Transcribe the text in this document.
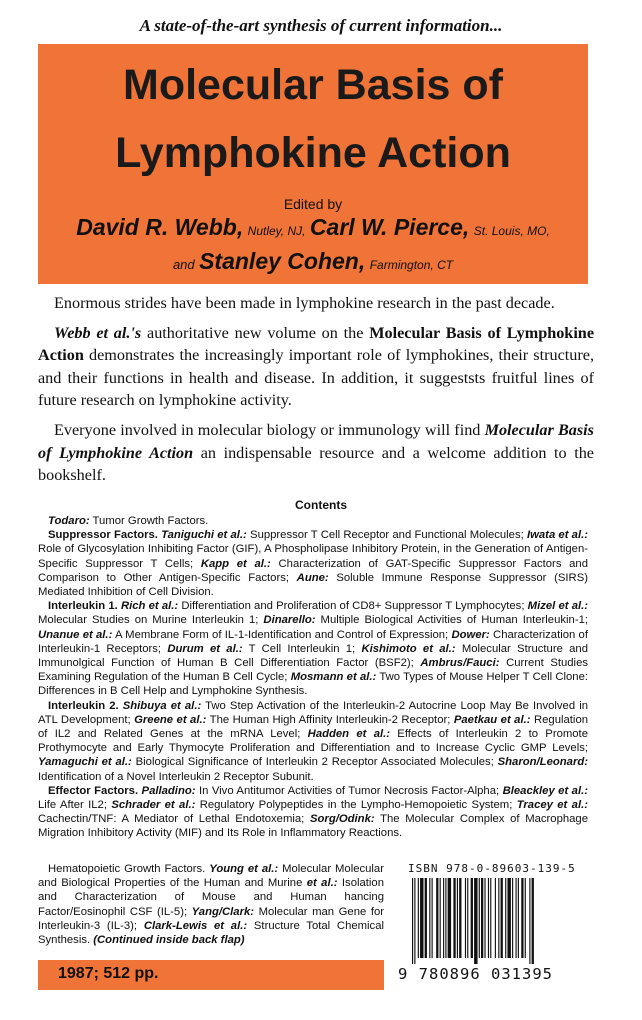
A state-of-the-art synthesis of current information...
Molecular Basis of
Lymphokine Action
Edited by
David R. Webb, Nutley, NJ, Carl W. Pierce, St. Louis, MO,
and Stanley Cohen, Farmington, CT

Enormous strides have been made in lymphokine research in the past decade.

Webb et al.'s authoritative new volume on the Molecular Basis of Lymphokine Action demonstrates the increasingly important role of lymphokines, their structure, and their functions in health and disease. In addition, it suggeststs fruitful lines of future research on lymphokine activity.

Everyone involved in molecular biology or immunology will find Molecular Basis of Lymphokine Action an indispensable resource and a welcome addition to the bookshelf.

Contents

Todaro: Tumor Growth Factors.

Suppressor Factors. Taniguchi et al.: Suppressor T Cell Receptor and Functional Molecules; Iwata et al.: Role of Glycosylation Inhibiting Factor (GIF), A Phospholipase Inhibitory Protein, in the Generation of Antigen-Specific Suppressor T Cells; Kapp et al.: Characterization of GAT-Specific Suppressor Factors and Comparison to Other Antigen-Specific Factors; Aune: Soluble Immune Response Suppressor (SIRS) Mediated Inhibition of Cell Division.

Interleukin 1. Rich et al.: Differentiation and Proliferation of CD8+ Suppressor T Lymphocytes; Mizel et al.: Molecular Studies on Murine Interleukin 1; Dinarello: Multiple Biological Activities of Human Interleukin-1; Unanue et al.: A Membrane Form of IL-1-Identification and Control of Expression; Dower: Characterization of Interleukin-1 Receptors; Durum et al.: T Cell Interleukin 1; Kishimoto et al.: Molecular Structure and Immunolgical Function of Human B Cell Differentiation Factor (BSF2); Ambrus/Fauci: Current Studies Examining Regulation of the Human B Cell Cycle; Mosmann et al.: Two Types of Mouse Helper T Cell Clone: Differences in B Cell Help and Lymphokine Synthesis.

Interleukin 2. Shibuya et al.: Two Step Activation of the Interleukin-2 Autocrine Loop May Be Involved in ATL Development; Greene et al.: The Human High Affinity Interleukin-2 Receptor; Paetkau et al.: Regulation of IL2 and Related Genes at the mRNA Level; Hadden et al.: Effects of Interleukin 2 to Promote Prothymocyte and Early Thymocyte Proliferation and Differentiation and to Increase Cyclic GMP Levels; Yamaguchi et al.: Biological Significance of Interleukin 2 Receptor Associated Molecules; Sharon/Leonard: Identification of a Novel Interleukin 2 Receptor Subunit.

Effector Factors. Palladino: In Vivo Antitumor Activities of Tumor Necrosis Factor-Alpha; Bleackley et al.: Life After IL2; Schrader et al.: Regulatory Polypeptides in the Lympho-Hemopoietic System; Tracey et al.: Cachectin/TNF: A Mediator of Lethal Endotoxemia; Sorg/Odink: The Molecular Complex of Macrophage Migration Inhibitory Activity (MIF) and Its Role in Inflammatory Reactions.

Hematopoietic Growth Factors. Young et al.: Molecular Molecular and Biological Properties of the Human and Murine et al.: Isolation and Characterization of Mouse and Human hancing Factor/Eosinophil CSF (IL-5); Yang/Clark: Molecular man Gene for Interleukin-3 (IL-3); Clark-Lewis et al.: Structure Total Chemical Synthesis. (Continued inside back flap)

ISBN 978-0-89603-139-5
9 780896 031395
1987; 512 pp.
